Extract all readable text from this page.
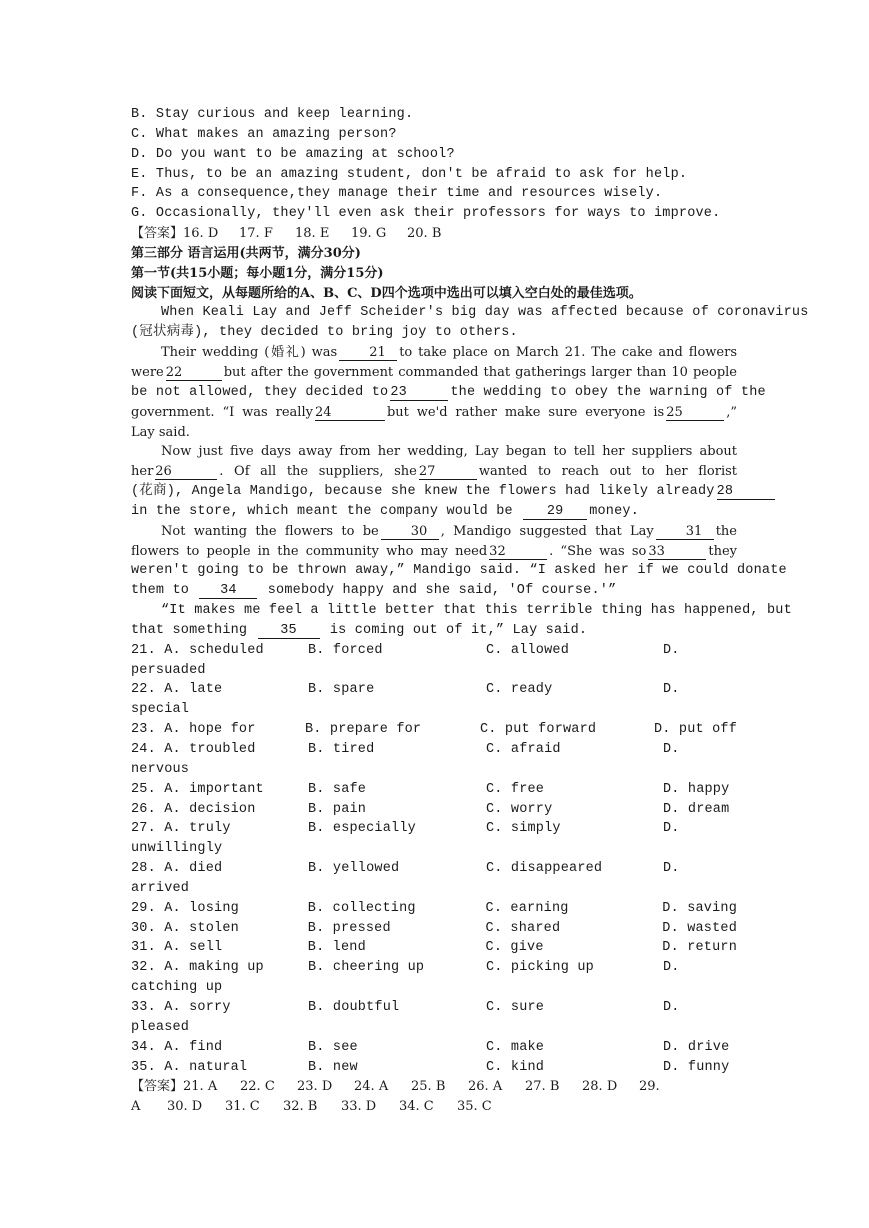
B. Stay curious and keep learning.
C. What makes an amazing person?
D. Do you want to be amazing at school?
E. Thus, to be an amazing student, don't be afraid to ask for help.
F. As a consequence,they manage their time and resources wisely.
G. Occasionally, they'll even ask their professors for ways to improve.
【答案】16. D 17. F 18. E 19. G 20. B
第三部分 语言运用(共两节，满分30分)
第一节(共15小题；每小题1分，满分15分)
阅读下面短文，从每题所给的A、B、C、D四个选项中选出可以填入空白处的最佳选项。
When Keali Lay and Jeff Scheider's big day was affected because of coronavirus
(冠状病毒), they decided to bring joy to others.
Their wedding (婚礼) was 21 to take place on March 21. The cake and flowers
were 22	but after the government commanded that gatherings larger than 10 people
be not allowed, they decided to 23	the wedding to obey the warning of the
government. “I was really 24	but we'd rather make sure everyone is 25	,”
Lay said.
Now just five days away from her wedding, Lay began to tell her suppliers about
her 26	. Of all the suppliers, she 27	wanted to reach out to her florist
(花商), Angela Mandigo, because she knew the flowers had likely already 28
in the store, which meant the company would be	29 money.
Not wanting the flowers to be 30 , Mandigo suggested that Lay 31 the
flowers to people in the community who may need 32	. “She was so 33	they
weren't going to be thrown away,” Mandigo said. “I asked her if we could donate
them to 34 somebody happy and she said, 'Of course.'”
“It makes me feel a little better that this terrible thing has happened, but
that something 35 is coming out of it,” Lay said.
21. A. scheduled	B. forced	C. allowed	D.
persuaded
22. A. late	B. spare	C. ready	D.
special
23. A. hope for	B. prepare for	C. put forward	D. put off
24. A. troubled	B. tired	C. afraid	D.
nervous
25. A. important	B. safe	C. free	D. happy
26. A. decision	B. pain	C. worry	D. dream
27. A. truly	B. especially	C. simply	D.
unwillingly
28. A. died	B. yellowed	C. disappeared	D.
arrived
29. A. losing	B. collecting	C. earning	D. saving
30. A. stolen	B. pressed	C. shared	D. wasted
31. A. sell	B. lend	C. give	D. return
32. A. making up	B. cheering up	C. picking up	D.
catching up
33. A. sorry	B. doubtful	C. sure	D.
pleased
34. A. find	B. see	C. make	D. drive
35. A. natural	B. new	C. kind	D. funny
【答案】21. A 22. C 23. D 24. A 25. B 26. A 27. B 28. D 29.
A 30. D 31. C 32. B 33. D 34. C 35. C
